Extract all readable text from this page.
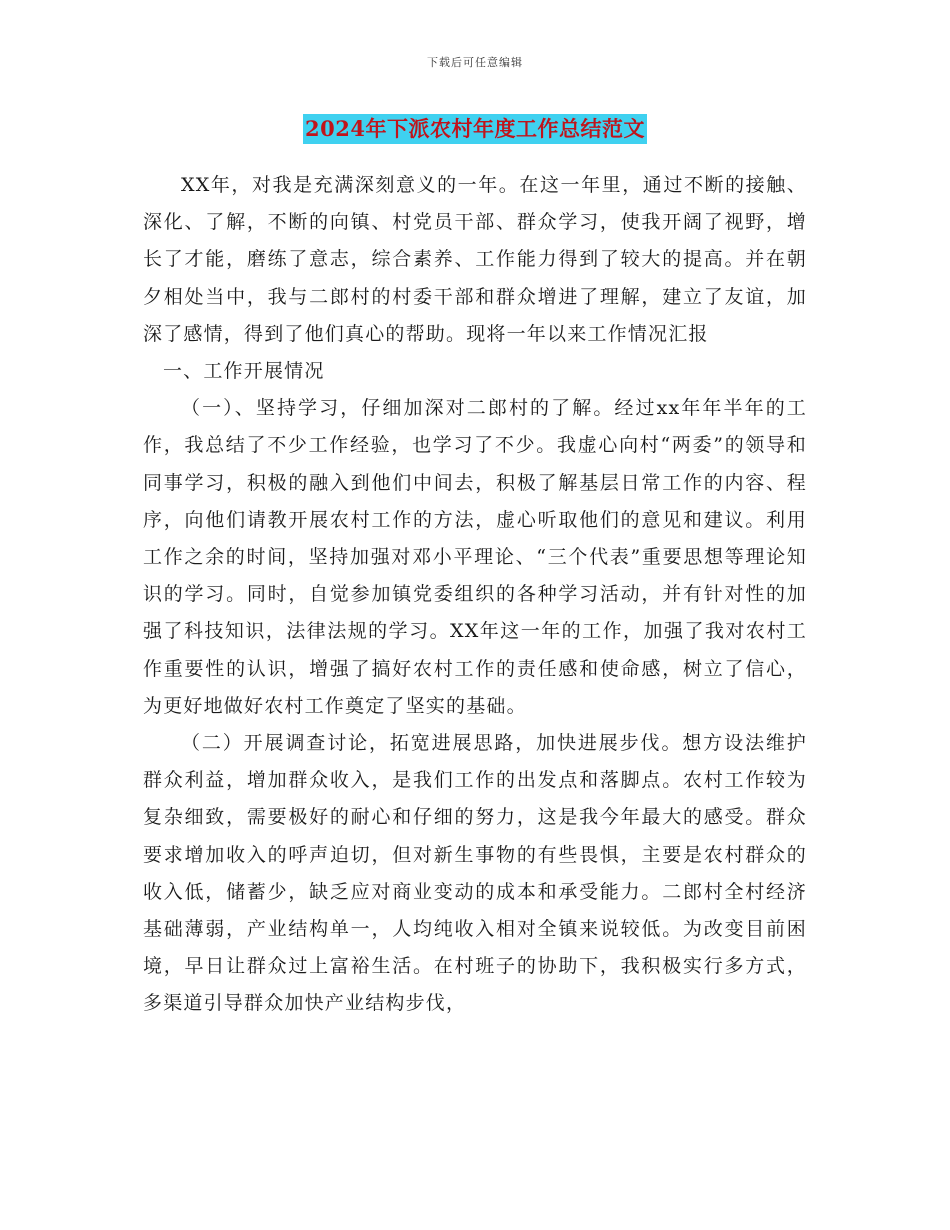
下载后可任意编辑
2024年下派农村年度工作总结范文

XX年，对我是充满深刻意义的一年。在这一年里，通过不断的接触、深化、了解，不断的向镇、村党员干部、群众学习，使我开阔了视野，增长了才能，磨练了意志，综合素养、工作能力得到了较大的提高。并在朝夕相处当中，我与二郎村的村委干部和群众增进了理解，建立了友谊，加深了感情，得到了他们真心的帮助。现将一年以来工作情况汇报

一、工作开展情况

（一）、坚持学习，仔细加深对二郎村的了解。经过xx年年半年的工作，我总结了不少工作经验，也学习了不少。我虚心向村“两委”的领导和同事学习，积极的融入到他们中间去，积极了解基层日常工作的内容、程序，向他们请教开展农村工作的方法，虚心听取他们的意见和建议。利用工作之余的时间，坚持加强对邓小平理论、“三个代表”重要思想等理论知识的学习。同时，自觉参加镇党委组织的各种学习活动，并有针对性的加强了科技知识，法律法规的学习。XX年这一年的工作，加强了我对农村工作重要性的认识，增强了搞好农村工作的责任感和使命感，树立了信心，为更好地做好农村工作奠定了坚实的基础。

（二）开展调查讨论，拓宽进展思路，加快进展步伐。想方设法维护群众利益，增加群众收入，是我们工作的出发点和落脚点。农村工作较为复杂细致，需要极好的耐心和仔细的努力，这是我今年最大的感受。群众要求增加收入的呼声迫切，但对新生事物的有些畏惧，主要是农村群众的收入低，储蓄少，缺乏应对商业变动的成本和承受能力。二郎村全村经济基础薄弱，产业结构单一，人均纯收入相对全镇来说较低。为改变目前困境，早日让群众过上富裕生活。在村班子的协助下，我积极实行多方式，多渠道引导群众加快产业结构步伐，
